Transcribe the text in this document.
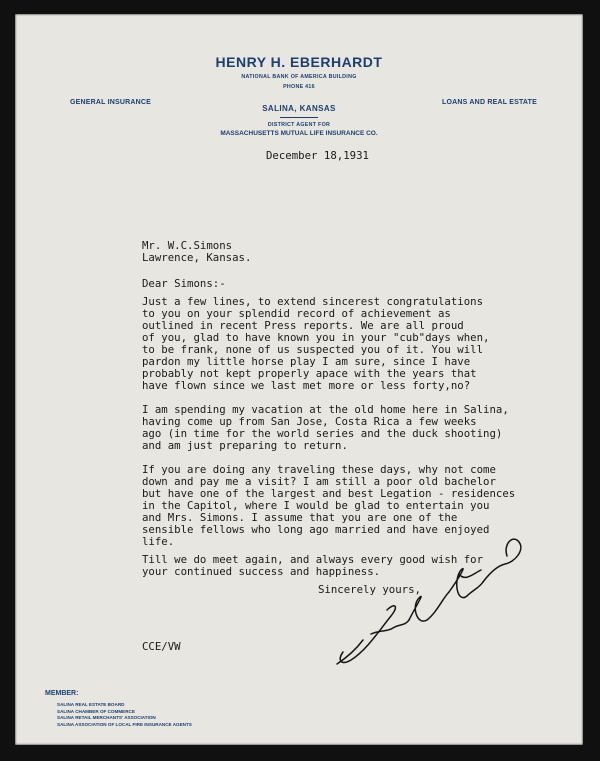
HENRY H. EBERHARDT
NATIONAL BANK OF AMERICA BUILDING
PHONE 416
SALINA, KANSAS
DISTRICT AGENT FOR
MASSACHUSETTS MUTUAL LIFE INSURANCE CO.
GENERAL INSURANCE	LOANS AND REAL ESTATE
December 18,1931
Mr. W.C.Simons
Lawrence, Kansas.
Dear Simons:-
Just a few lines, to extend sincerest congratulations
to you on your splendid record of achievement as
outlined in recent Press reports. We are all proud
of you, glad to have known you in your "cub"days when,
to be frank, none of us suspected you of it. You will
pardon my little horse play I am sure, since I have
probably not kept properly apace with the years that
have flown since we last met more or less forty,no?
I am spending my vacation at the old home here in Salina,
having come up from San Jose, Costa Rica a few weeks
ago (in time for the world series and the duck shooting)
and am just preparing to return.
If you are doing any traveling these days, why not come
down and pay me a visit? I am still a poor old bachelor
but have one of the largest and best Legation - residences
in the Capitol, where I would be glad to entertain you
and Mrs. Simons. I assume that you are one of the
sensible fellows who long ago married and have enjoyed
life.
Till we do meet again, and always every good wish for
your continued success and happiness.
Sincerely yours,
CCE/VW
MEMBER:
SALINA REAL ESTATE BOARD
SALINA CHAMBER OF COMMERCE
SALINA RETAIL MERCHANTS' ASSOCIATION
SALINA ASSOCIATION OF LOCAL FIRE INSURANCE AGENTS
